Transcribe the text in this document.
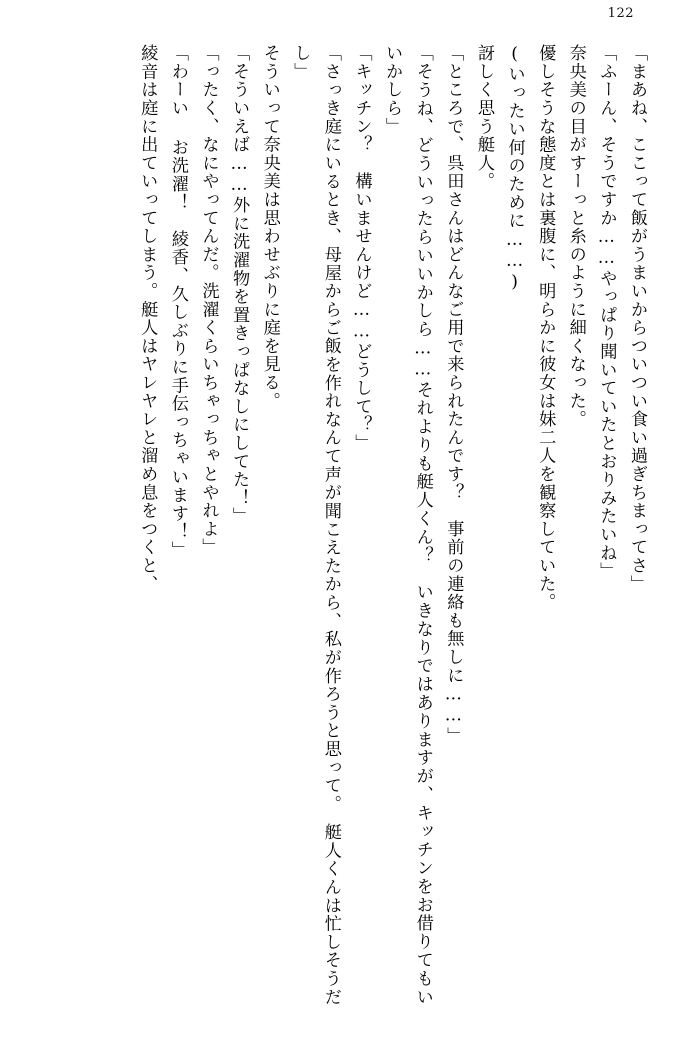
122

「まあね、ここって飯がうまいからついつい食い過ぎちまってさ」

「ふーん、そうですか……やっぱり聞いていたとおりみたいね」

奈央美の目がすーっと糸のように細くなった。

優しそうな態度とは裏腹に、明らかに彼女は妹二人を観察していた。

(いったい何のために……)

訝しく思う艇人。

「ところで、呉田さんはどんなご用で来られたんです？　事前の連絡も無しに……」

「そうね、どういったらいいかしら……それよりも艇人くん？　いきなりではありますが、キッチンをお借りてもいいかしら」

「キッチン？　構いませんけど……どうして？」

「さっき庭にいるとき、母屋からご飯を作れなんて声が聞こえたから、私が作ろうと思って。　艇人くんは忙しそうだし」

そういって奈央美は思わせぶりに庭を見る。

「そういえば……外に洗濯物を置きっぱなしにしてた！」

「ったく、なにやってんだ。洗濯くらいちゃっちゃとやれよ」

「わーい お洗濯！　綾香、久しぶりに手伝っちゃいます！」

綾音は庭に出ていってしまう。艇人はヤレヤレと溜め息をつくと、
